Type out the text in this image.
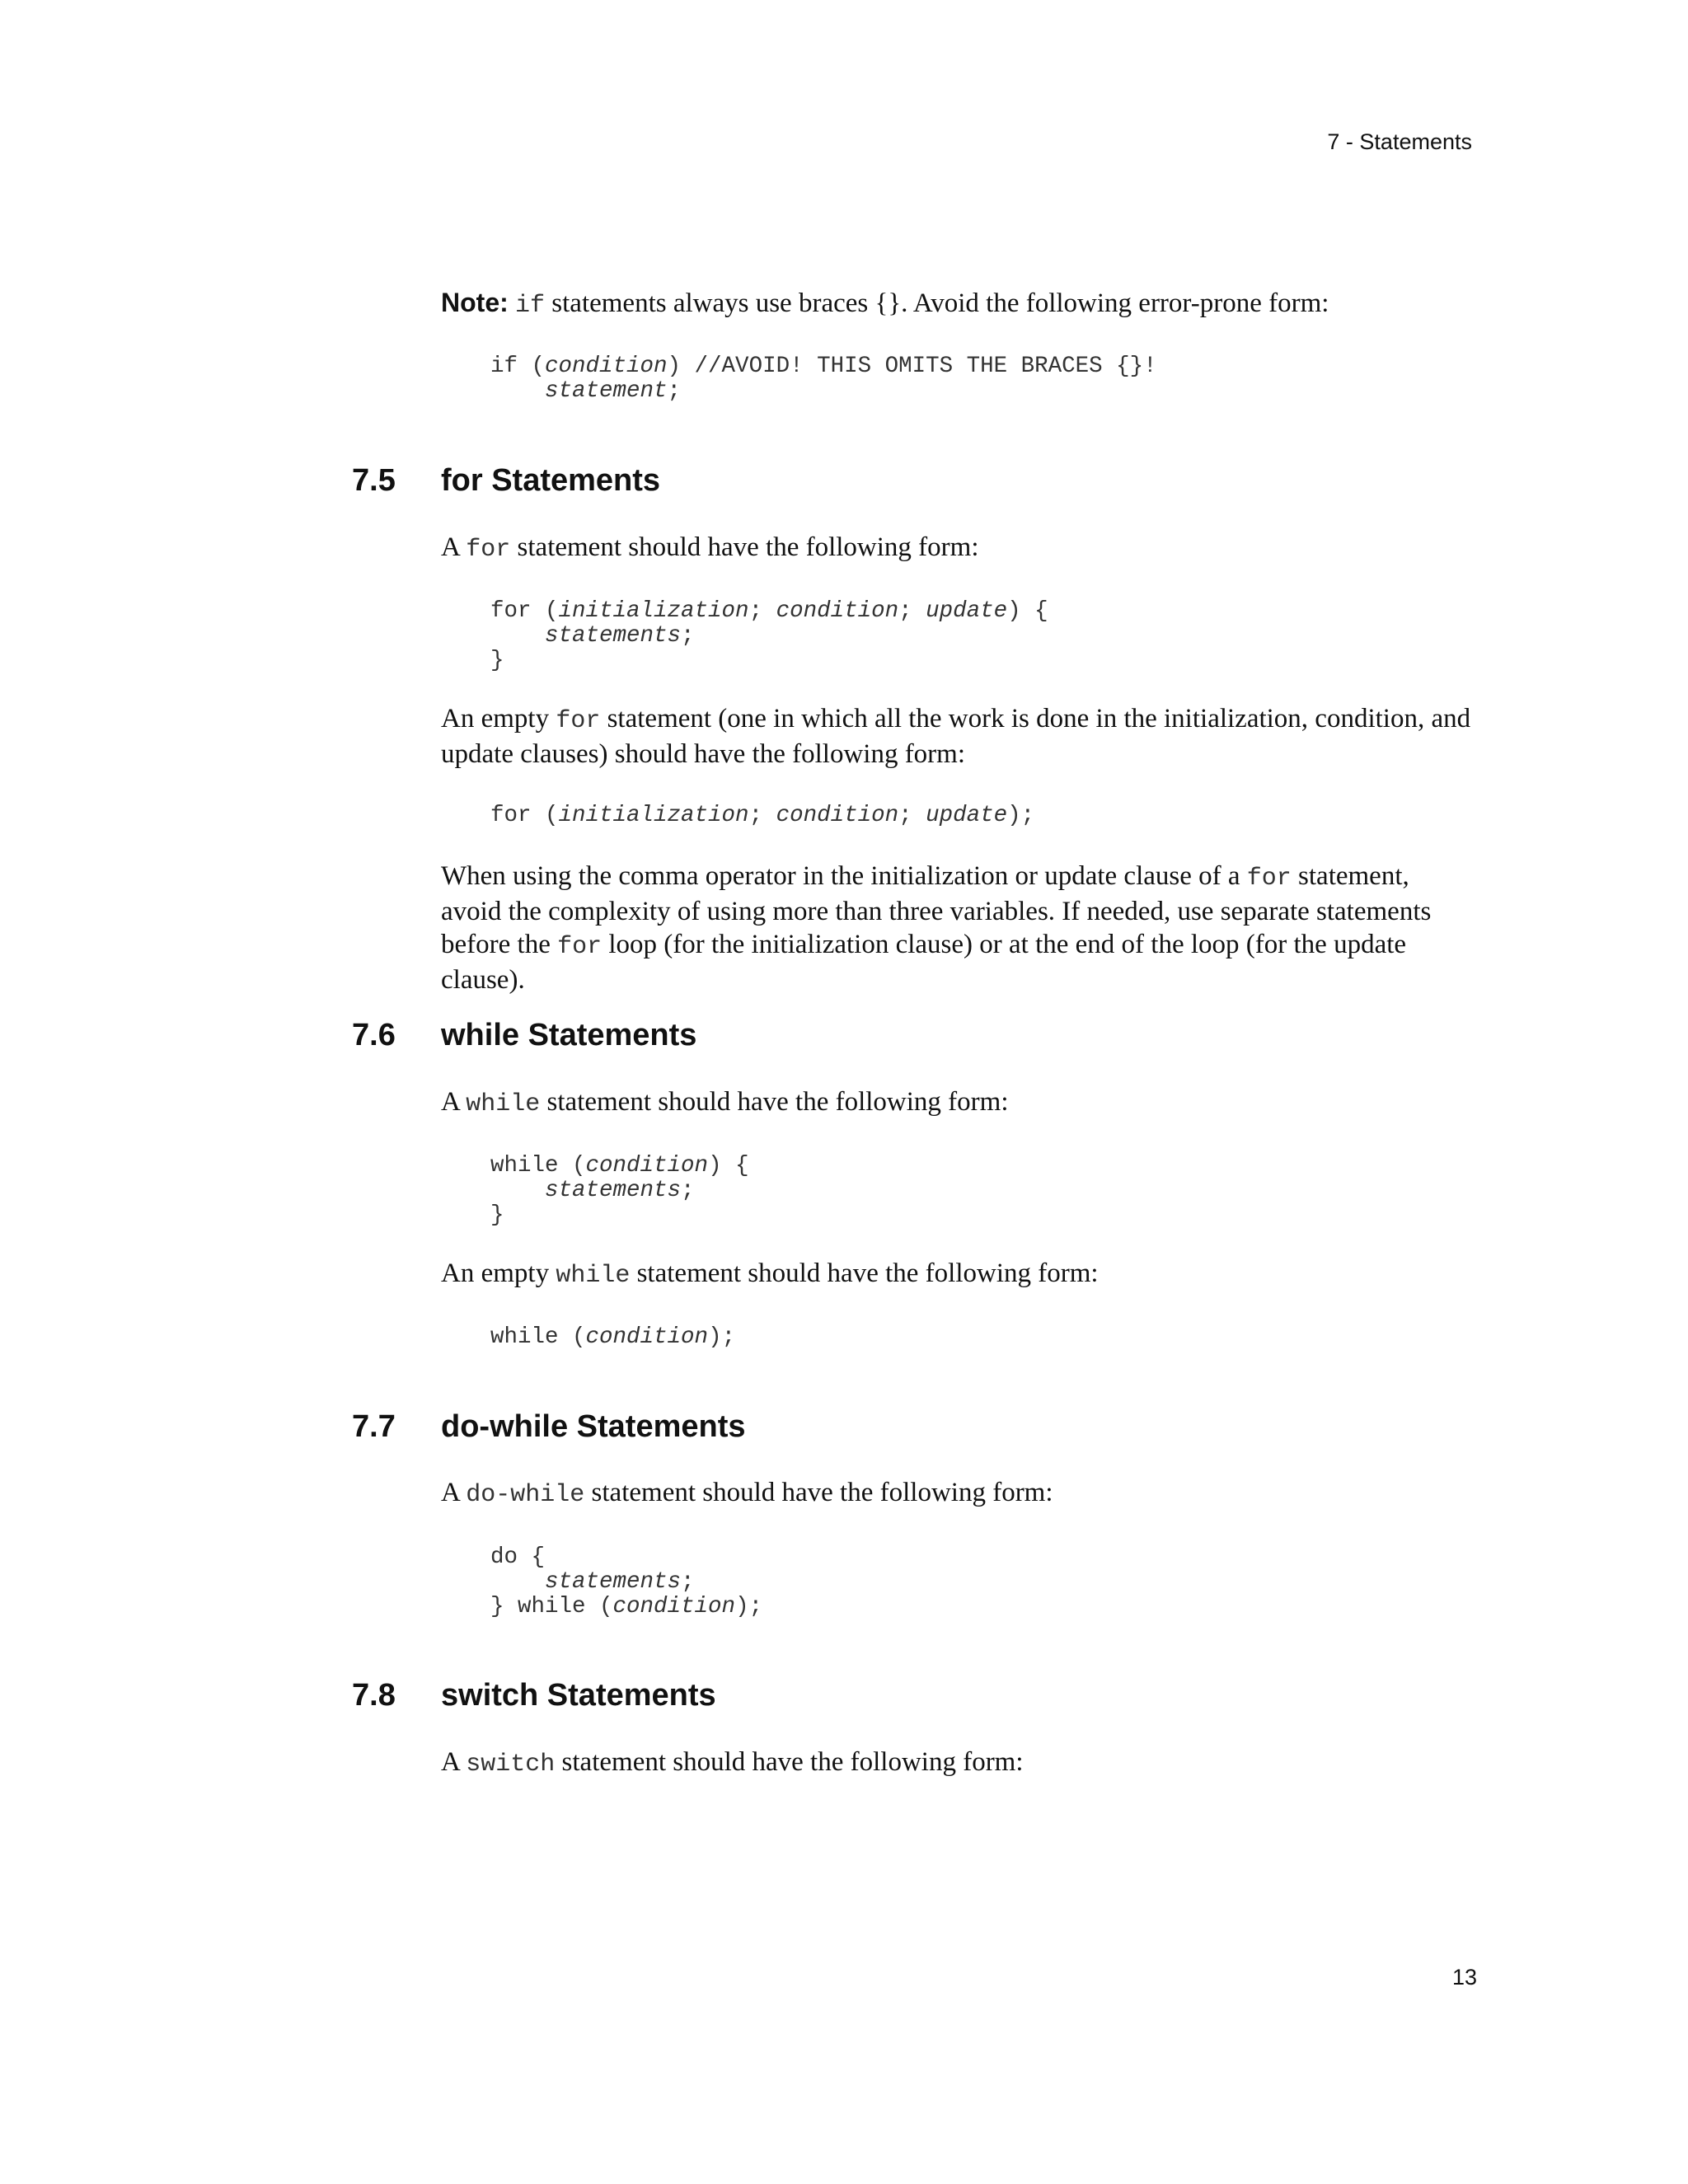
7 - Statements

Note: if statements always use braces {}. Avoid the following error-prone form:

if (condition) //AVOID! THIS OMITS THE BRACES {}!
statement;
7.5	for Statements

A for statement should have the following form:

for (initialization; condition; update) {
statements;
}

An empty for statement (one in which all the work is done in the initialization, condition, and update clauses) should have the following form:

for (initialization; condition; update);

When using the comma operator in the initialization or update clause of a for statement, avoid the complexity of using more than three variables. If needed, use separate statements before the for loop (for the initialization clause) or at the end of the loop (for the update clause).

7.6	while Statements

A while statement should have the following form:

while (condition) {
statements;
}

An empty while statement should have the following form:

while (condition);
7.7	do-while Statements

A do-while statement should have the following form:

do {
statements;
} while (condition);
7.8	switch Statements

A switch statement should have the following form:

13
